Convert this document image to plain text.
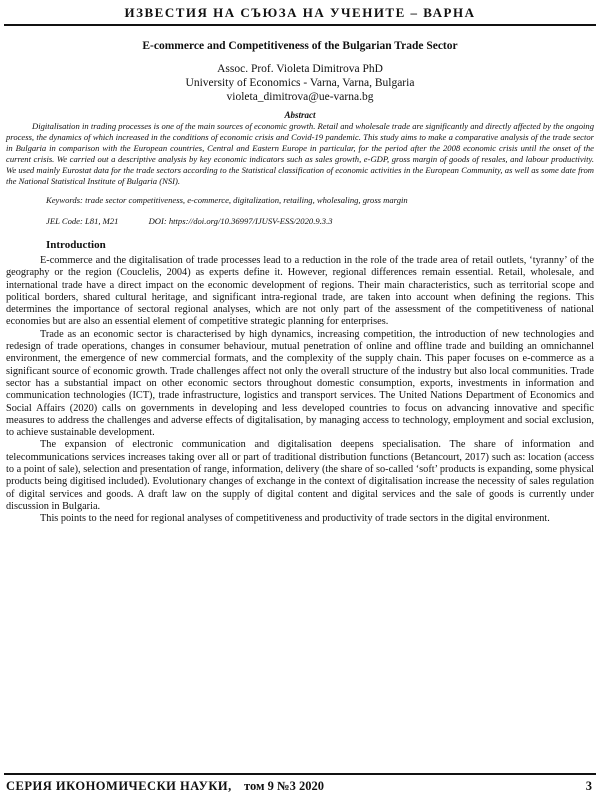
ИЗВЕСТИЯ НА СЪЮЗА НА УЧЕНИТЕ – ВАРНА
E-commerce and Competitiveness of the Bulgarian Trade Sector
Assoc. Prof. Violeta Dimitrova PhD
University of Economics - Varna, Varna, Bulgaria
violeta_dimitrova@ue-varna.bg
Abstract

Digitalisation in trading processes is one of the main sources of economic growth. Retail and wholesale trade are significantly and directly affected by the ongoing process, the dynamics of which increased in the conditions of economic crisis and Covid-19 pandemic. This study aims to make a comparative analysis of the trade sector in Bulgaria in comparison with the European countries, Central and Eastern Europe in particular, for the period after the 2008 economic crisis until the onset of the current crisis. We carried out a descriptive analysis by key economic indicators such as sales growth, e-GDP, gross margin of goods of resales, and labour productivity. We used mainly Eurostat data for the trade sectors according to the Statistical classification of economic activities in the European Community, as well as some date from the National Statistical Institute of Bulgaria (NSI).

Keywords: trade sector competitiveness, e-commerce, digitalization, retailing, wholesaling, gross margin
JEL Code: L81, M21	DOI: https://doi.org/10.36997/IJUSV-ESS/2020.9.3.3
Introduction

E-commerce and the digitalisation of trade processes lead to a reduction in the role of the trade area of retail outlets, ‘tyranny’ of the geography or the region (Couclelis, 2004) as experts define it. However, regional differences remain essential. Retail, wholesale, and international trade have a direct impact on the economic development of regions. Their main characteristics, such as territorial scope and political borders, shared cultural heritage, and significant intra-regional trade, are taken into account when defining the regions. This determines the importance of sectoral regional analyses, which are not only part of the assessment of the competitiveness of national economies but are also an essential element of competitive strategic planning for enterprises.

Trade as an economic sector is characterised by high dynamics, increasing competition, the introduction of new technologies and redesign of trade operations, changes in consumer behaviour, mutual penetration of online and offline trade and building an omnichannel environment, the emergence of new commercial formats, and the complexity of the supply chain. This paper focuses on e-commerce as a significant source of economic growth. Trade challenges affect not only the overall structure of the industry but also local communities. Trade sector has a substantial impact on other economic sectors throughout domestic consumption, exports, investments in information and communication technologies (ICT), trade infrastructure, logistics and transport services. The United Nations Department of Economics and Social Affairs (2020) calls on governments in developing and less developed countries to focus on advancing innovative and specific measures to address the challenges and adverse effects of digitalisation, by managing access to technology, employment and social exclusion, to achieve sustainable development.

The expansion of electronic communication and digitalisation deepens specialisation. The share of information and telecommunications services increases taking over all or part of traditional distribution functions (Betancourt, 2017) such as: location (access to a point of sale), selection and presentation of range, information, delivery (the share of so-called ‘soft’ products is expanding, some physical products being digitised included). Evolutionary changes of exchange in the context of digitalisation increase the necessity of sales regulation of digital services and goods. A draft law on the supply of digital content and digital services and the sale of goods is currently under discussion in Bulgaria.

This points to the need for regional analyses of competitiveness and productivity of trade sectors in the digital environment.

СЕРИЯ ИКОНОМИЧЕСКИ НАУКИ, том 9 №3 2020	3
